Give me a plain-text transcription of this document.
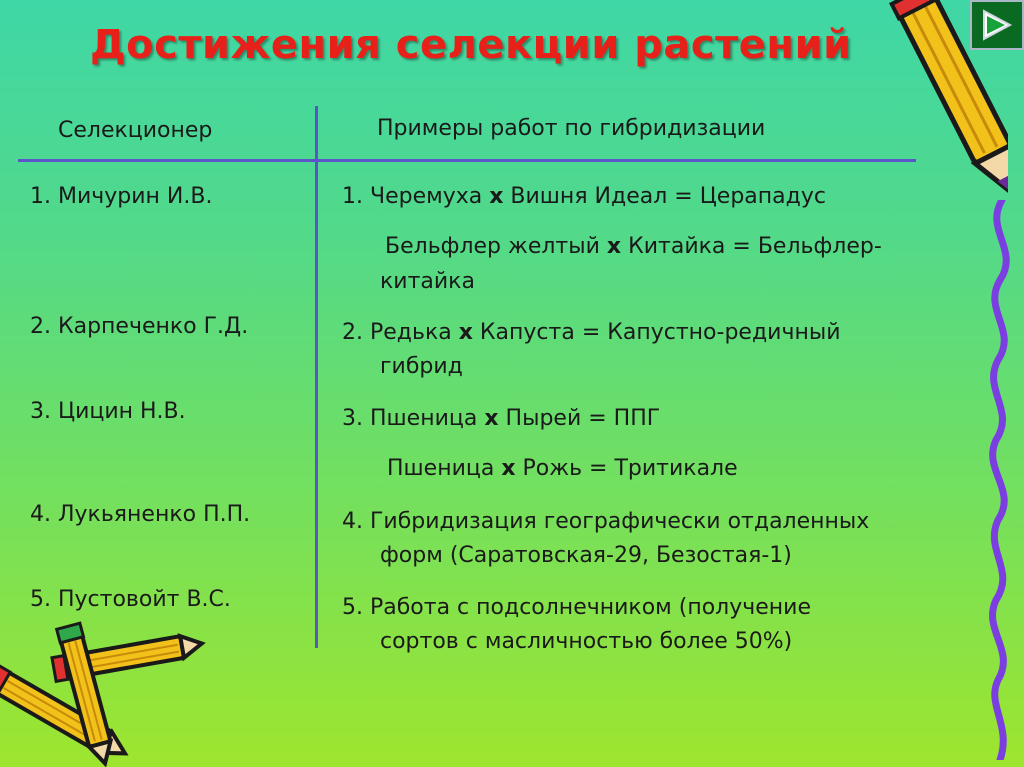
Достижения селекции растений
Селекционер	Примеры работ по гибридизации
1. Мичурин И.В.
2. Карпеченко Г.Д.
3. Цицин Н.В.
4. Лукьяненко П.П.
5. Пустовойт В.С.
1. Черемуха x Вишня Идеал = Церападус
Бельфлер желтый x Китайка = Бельфлер-
китайка
2. Редька x Капуста = Капустно-редичный
гибрид
3. Пшеница x Пырей = ППГ
Пшеница x Рожь = Тритикале
4. Гибридизация географически отдаленных
форм (Саратовская-29, Безостая-1)
5. Работа с подсолнечником (получение
сортов с масличностью более 50%)
